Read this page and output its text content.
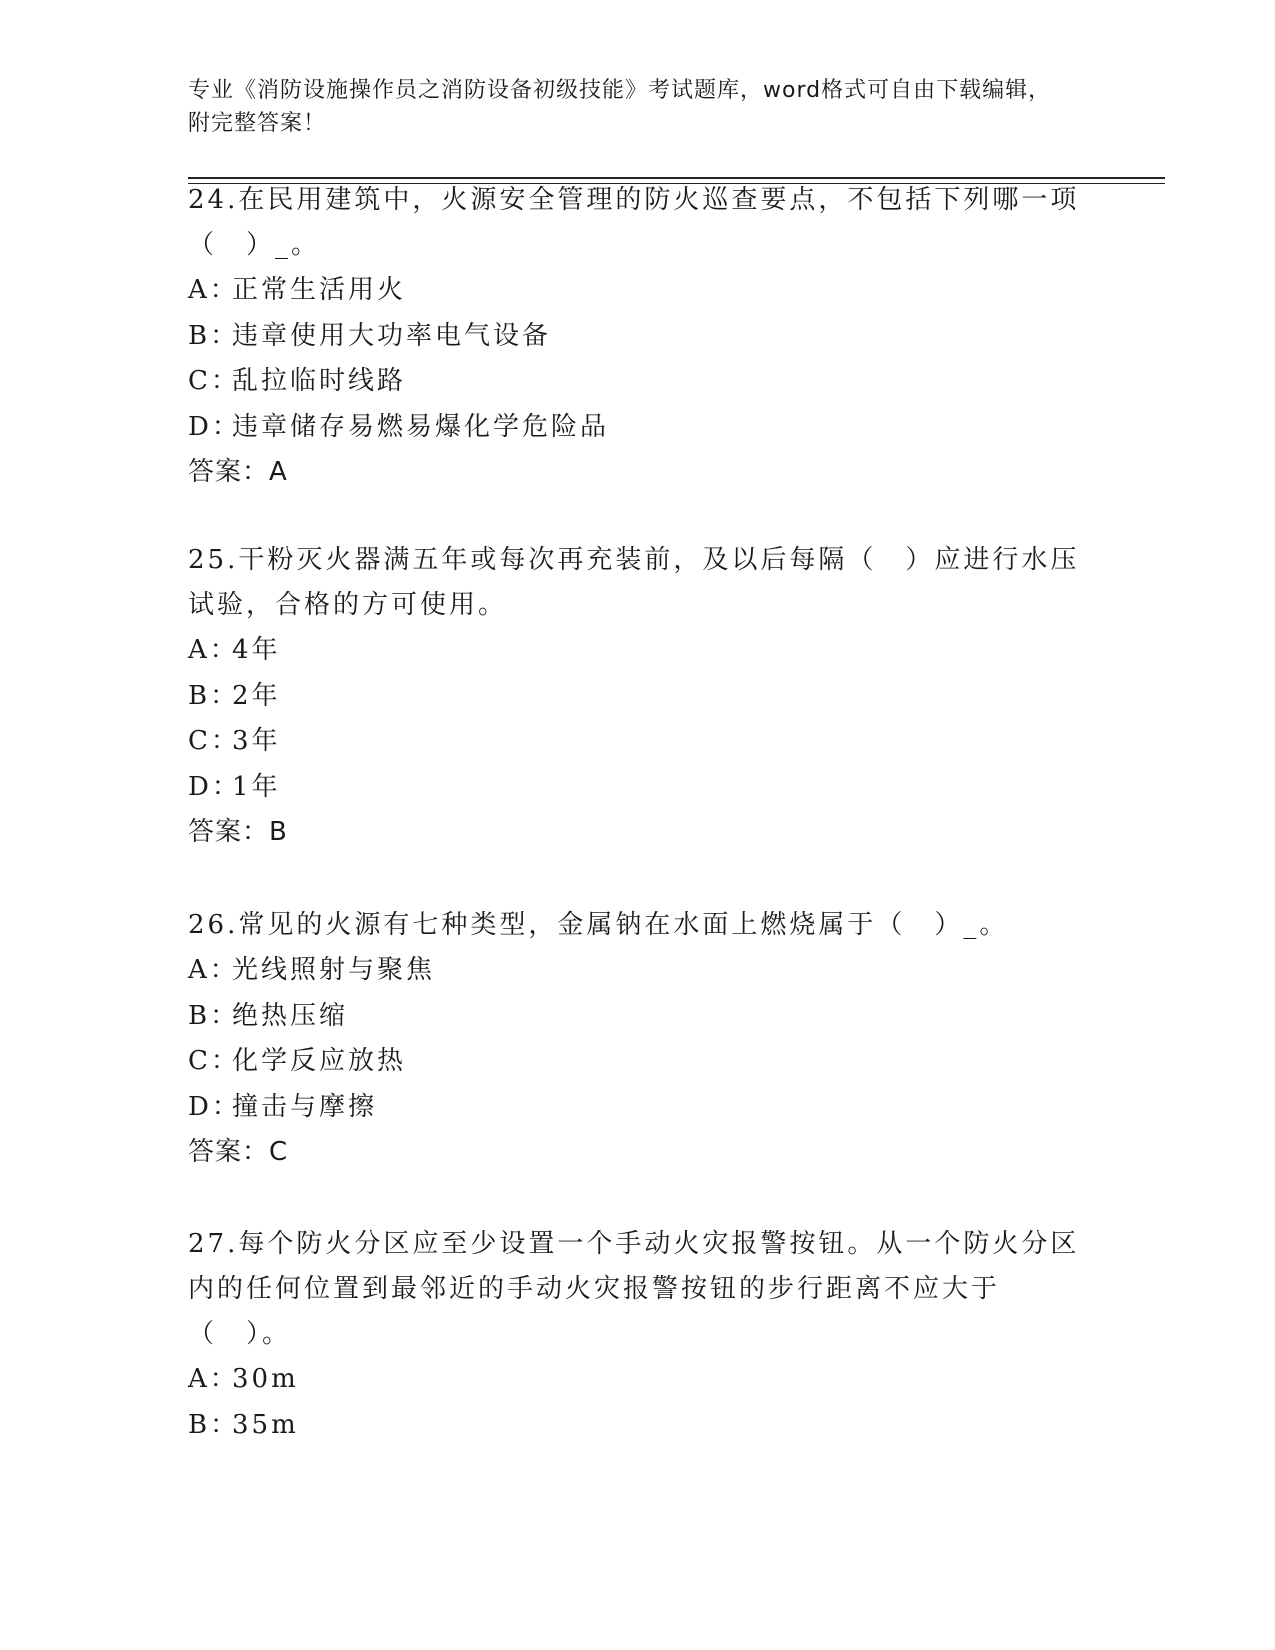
专业《消防设施操作员之消防设备初级技能》考试题库，word格式可自由下载编辑，附完整答案！
24.在民用建筑中，火源安全管理的防火巡查要点，不包括下列哪一项（　）_。
A：正常生活用火
B：违章使用大功率电气设备
C：乱拉临时线路
D：违章储存易燃易爆化学危险品
答案：A
25.干粉灭火器满五年或每次再充装前，及以后每隔（　）应进行水压试验，合格的方可使用。
A：4年
B：2年
C：3年
D：1年
答案：B
26.常见的火源有七种类型，金属钠在水面上燃烧属于（　）_。
A：光线照射与聚焦
B：绝热压缩
C：化学反应放热
D：撞击与摩擦
答案：C
27.每个防火分区应至少设置一个手动火灾报警按钮。从一个防火分区内的任何位置到最邻近的手动火灾报警按钮的步行距离不应大于（　）。
A：30m
B：35m
